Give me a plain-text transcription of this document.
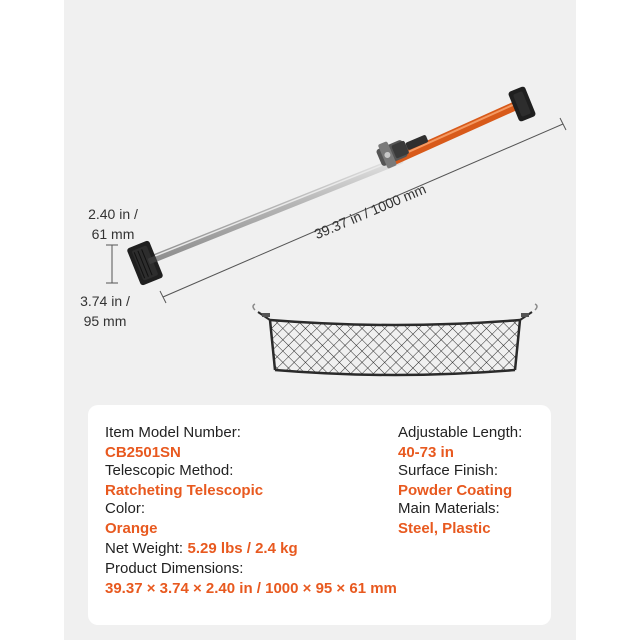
39.37 in / 1000 mm
2.40 in /
61 mm
3.74 in /
95 mm
Item Model Number:
CB2501SN
Telescopic Method:
Ratcheting Telescopic
Color:
Orange
Net Weight: 5.29 lbs / 2.4 kg
Product Dimensions:
39.37 × 3.74 × 2.40 in / 1000 × 95 × 61 mm
Adjustable Length:
40-73 in
Surface Finish:
Powder Coating
Main Materials:
Steel, Plastic
